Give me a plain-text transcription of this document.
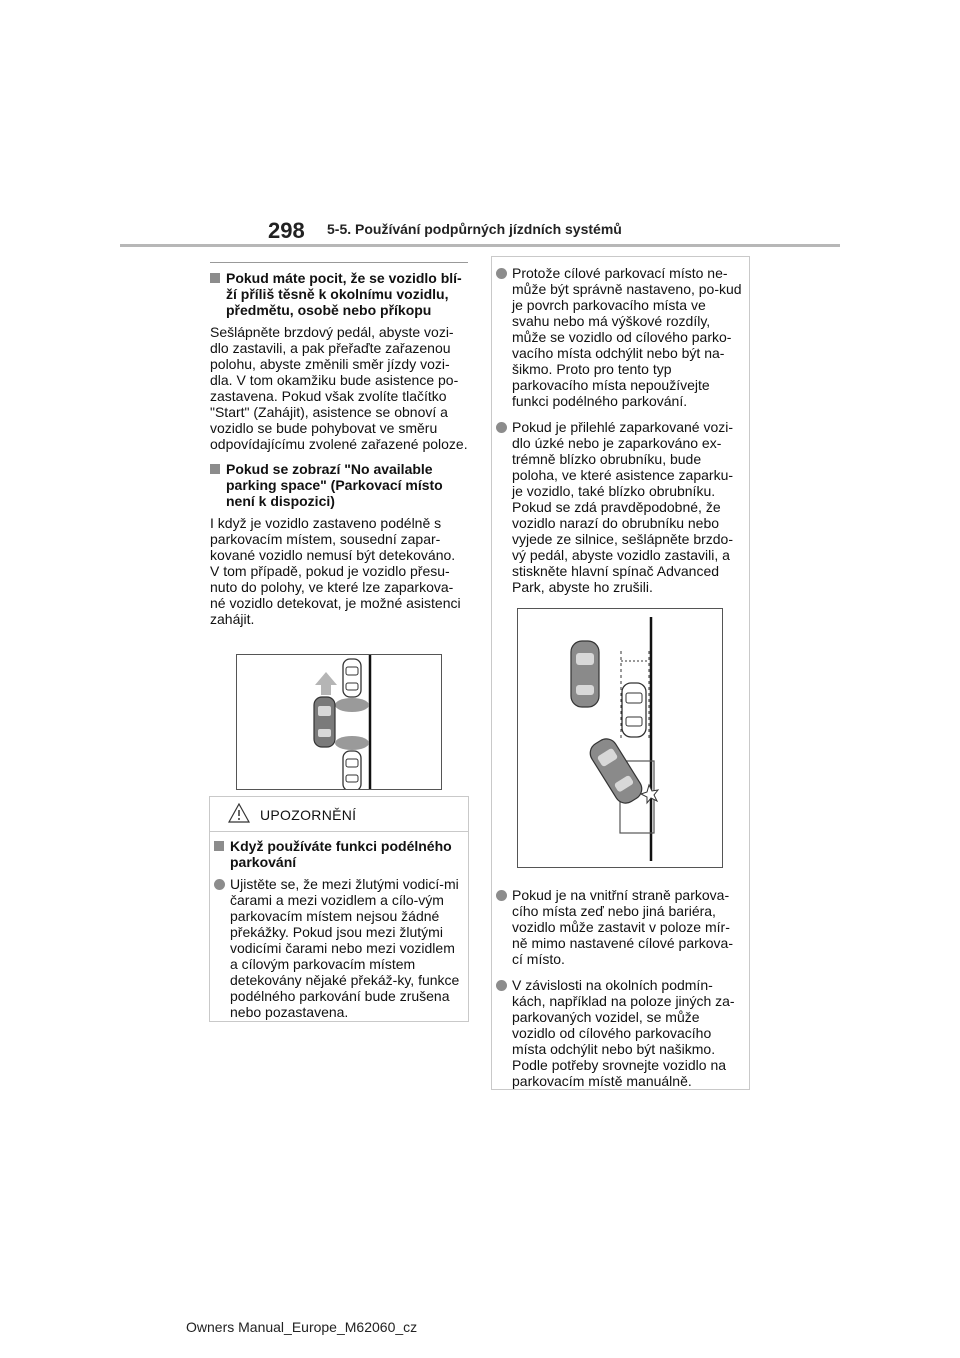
298 5-5. Používání podpůrných jízdních systémů
Pokud máte pocit, že se vozidlo blí-ží příliš těsně k okolnímu vozidlu, předmětu, osobě nebo příkopu

Sešlápněte brzdový pedál, abyste vozi-dlo zastavili, a pak přeřaďte zařazenou polohu, abyste změnili směr jízdy vozi-dla. V tom okamžiku bude asistence po-zastavena. Pokud však zvolíte tlačítko "Start" (Zahájit), asistence se obnoví a vozidlo se bude pohybovat ve směru odpovídajícímu zvolené zařazené poloze.

Pokud se zobrazí "No available parking space" (Parkovací místo není k dispozici)

I když je vozidlo zastaveno podélně s parkovacím místem, sousední zapar-kované vozidlo nemusí být detekováno. V tom případě, pokud je vozidlo přesu-nuto do polohy, ve které lze zaparkova-né vozidlo detekovat, je možné asistenci zahájit.

UPOZORNĚNÍ
Když používáte funkci podélného parkování
Ujistěte se, že mezi žlutými vodicí-mi čarami a mezi vozidlem a cílo-vým parkovacím místem nejsou žádné překážky. Pokud jsou mezi žlutými vodicími čarami nebo mezi vozidlem a cílovým parkovacím místem detekovány nějaké překáž-ky, funkce podélného parkování bude zrušena nebo pozastavena.
Protože cílové parkovací místo ne-může být správně nastaveno, po-kud je povrch parkovacího místa ve svahu nebo má výškové rozdíly, může se vozidlo od cílového parko-vacího místa odchýlit nebo být na-šikmo. Proto pro tento typ parkovacího místa nepoužívejte funkci podélného parkování.
Pokud je přilehlé zaparkované vozi-dlo úzké nebo je zaparkováno ex-trémně blízko obrubníku, bude poloha, ve které asistence zaparku-je vozidlo, také blízko obrubníku. Pokud se zdá pravděpodobné, že vozidlo narazí do obrubníku nebo vyjede ze silnice, sešlápněte brzdo-vý pedál, abyste vozidlo zastavili, a stiskněte hlavní spínač Advanced Park, abyste ho zrušili.
Pokud je na vnitřní straně parkova-cího místa zeď nebo jiná bariéra, vozidlo může zastavit v poloze mír-ně mimo nastavené cílové parkova-cí místo.
V závislosti na okolních podmín-kách, například na poloze jiných za-parkovaných vozidel, se může vozidlo od cílového parkovacího místa odchýlit nebo být našikmo. Podle potřeby srovnejte vozidlo na parkovacím místě manuálně.
Owners Manual_Europe_M62060_cz
